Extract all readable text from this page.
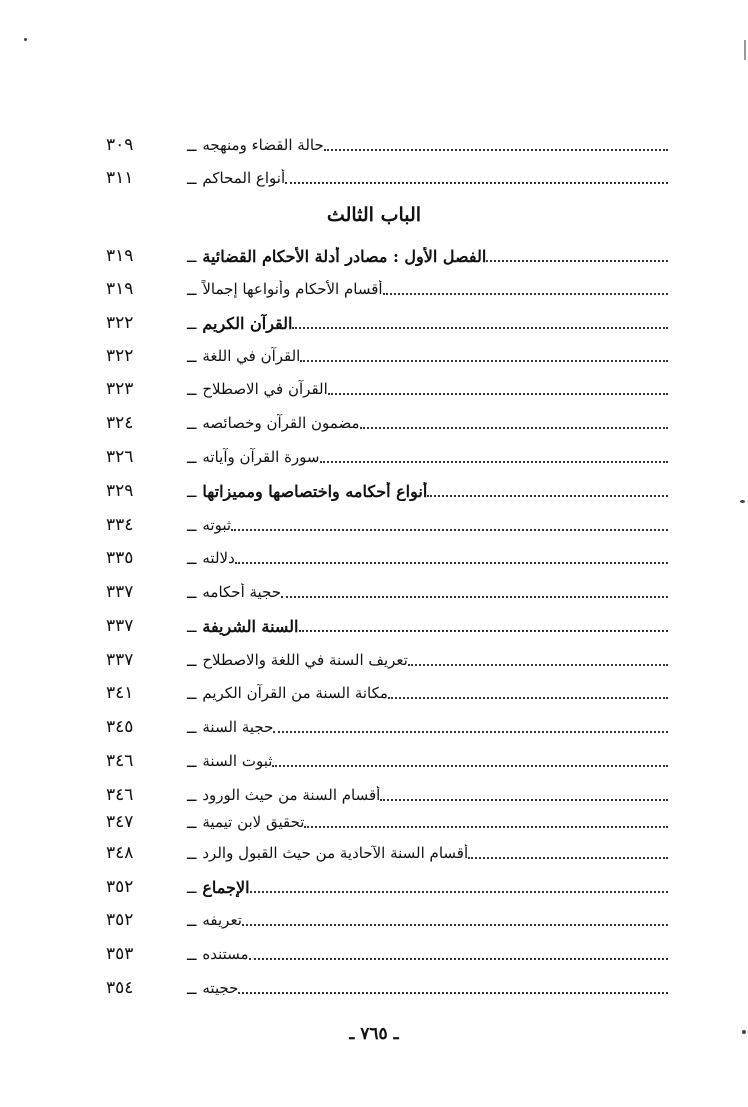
ــ حالة القضاء ومنهجه
٣٠٩
ــ أنواع المحاكم
٣١١
ــ الفصل الأول : مصادر أدلة الأحكام القضائية
٣١٩
ــ أقسام الأحكام وأنواعها إجمالاً
٣١٩
ــ القرآن الكريم
٣٢٢
ــ القرآن في اللغة
٣٢٢
ــ القرآن في الاصطلاح
٣٢٣
ــ مضمون القرآن وخصائصه
٣٢٤
ــ سورة القرآن وآياته
٣٢٦
ــ أنواع أحكامه واختصاصها ومميزاتها
٣٢٩
ــ ثبوته
٣٣٤
ــ دلالته
٣٣٥
ــ حجية أحكامه
٣٣٧
ــ السنة الشريفة
٣٣٧
ــ تعريف السنة في اللغة والاصطلاح
٣٣٧
ــ مكانة السنة من القرآن الكريم
٣٤١
ــ حجية السنة
٣٤٥
ــ ثبوت السنة
٣٤٦
ــ أقسام السنة من حيث الورود
٣٤٦
ــ تحقيق لابن تيمية
٣٤٧
ــ أقسام السنة الآحادية من حيث القبول والرد
٣٤٨
ــ الإجماع
٣٥٢
ــ تعريفه
٣٥٢
ــ مستنده
٣٥٣
ــ حجيته
٣٥٤
الباب الثالث
ـ ٧٦٥ ـ
